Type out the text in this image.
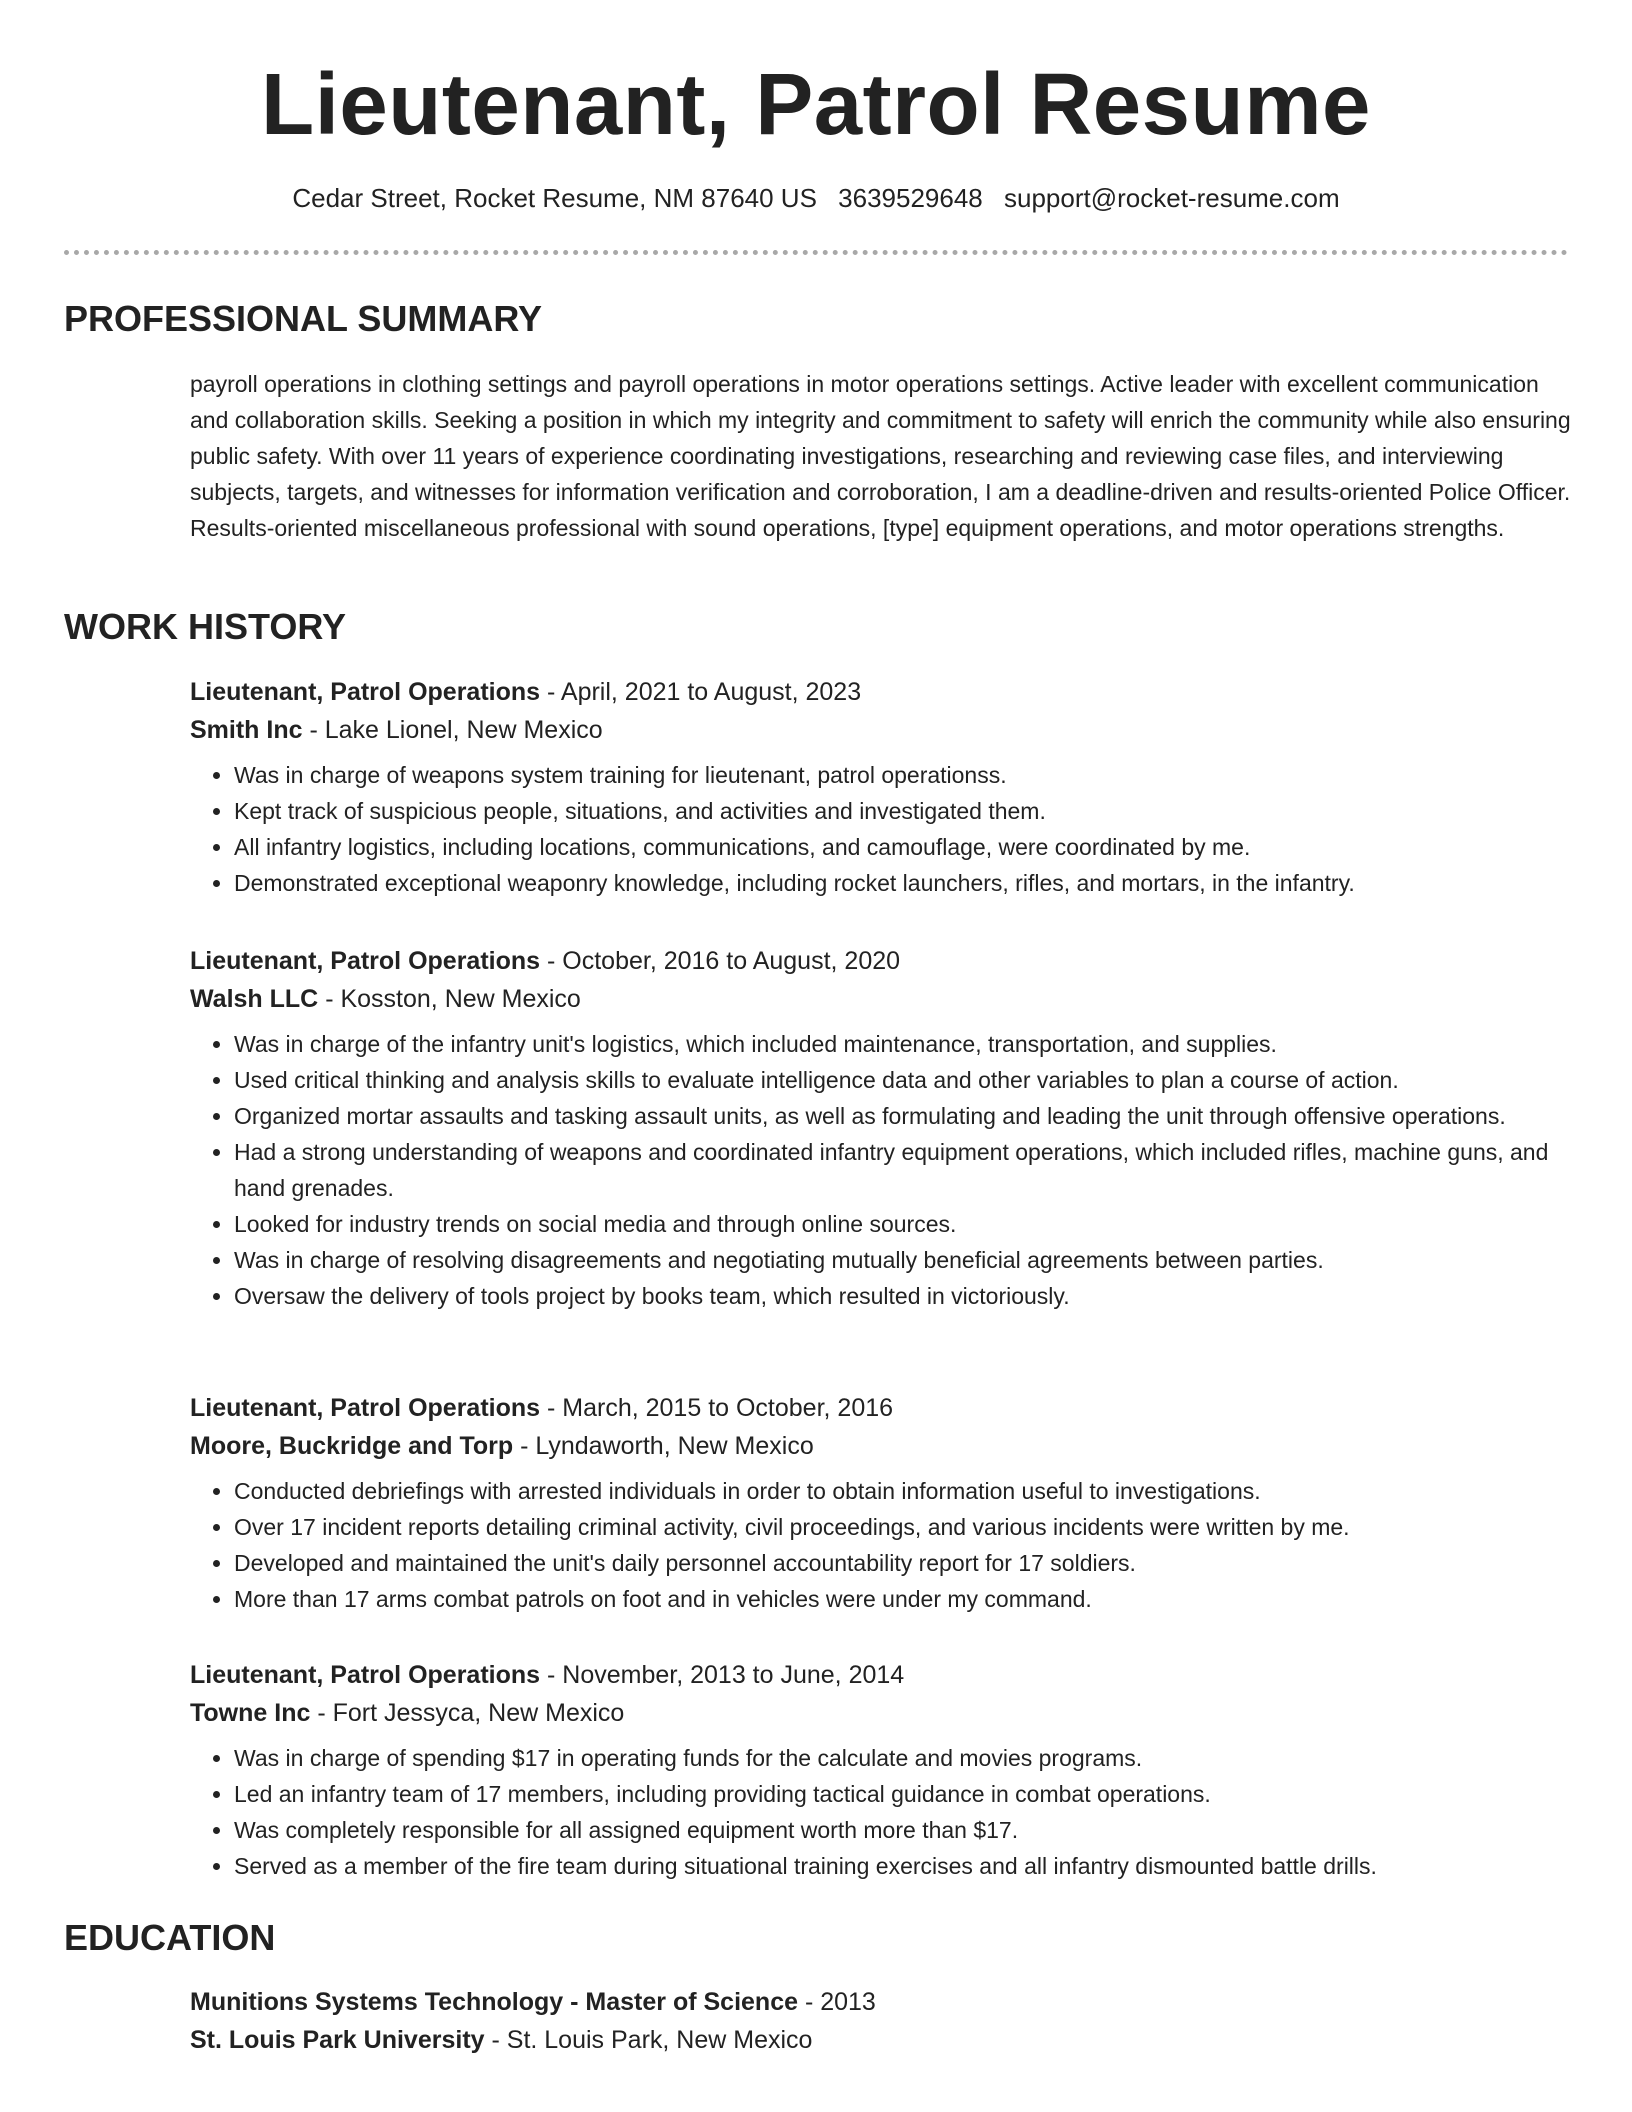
Lieutenant, Patrol Resume
Cedar Street, Rocket Resume, NM 87640 US 3639529648 support@rocket-resume.com
PROFESSIONAL SUMMARY

payroll operations in clothing settings and payroll operations in motor operations settings. Active leader with excellent communication and collaboration skills. Seeking a position in which my integrity and commitment to safety will enrich the community while also ensuring public safety. With over 11 years of experience coordinating investigations, researching and reviewing case files, and interviewing subjects, targets, and witnesses for information verification and corroboration, I am a deadline-driven and results-oriented Police Officer. Results-oriented miscellaneous professional with sound operations, [type] equipment operations, and motor operations strengths.

WORK HISTORY
Lieutenant, Patrol Operations - April, 2021 to August, 2023
Smith Inc - Lake Lionel, New Mexico
• Was in charge of weapons system training for lieutenant, patrol operationss.
• Kept track of suspicious people, situations, and activities and investigated them.
• All infantry logistics, including locations, communications, and camouflage, were coordinated by me.
• Demonstrated exceptional weaponry knowledge, including rocket launchers, rifles, and mortars, in the infantry.
Lieutenant, Patrol Operations - October, 2016 to August, 2020
Walsh LLC - Kosston, New Mexico
• Was in charge of the infantry unit's logistics, which included maintenance, transportation, and supplies.
• Used critical thinking and analysis skills to evaluate intelligence data and other variables to plan a course of action.
• Organized mortar assaults and tasking assault units, as well as formulating and leading the unit through offensive operations.
• Had a strong understanding of weapons and coordinated infantry equipment operations, which included rifles, machine guns, and hand grenades.
• Looked for industry trends on social media and through online sources.
• Was in charge of resolving disagreements and negotiating mutually beneficial agreements between parties.
• Oversaw the delivery of tools project by books team, which resulted in victoriously.
Lieutenant, Patrol Operations - March, 2015 to October, 2016
Moore, Buckridge and Torp - Lyndaworth, New Mexico
• Conducted debriefings with arrested individuals in order to obtain information useful to investigations.
• Over 17 incident reports detailing criminal activity, civil proceedings, and various incidents were written by me.
• Developed and maintained the unit's daily personnel accountability report for 17 soldiers.
• More than 17 arms combat patrols on foot and in vehicles were under my command.
Lieutenant, Patrol Operations - November, 2013 to June, 2014
Towne Inc - Fort Jessyca, New Mexico
• Was in charge of spending $17 in operating funds for the calculate and movies programs.
• Led an infantry team of 17 members, including providing tactical guidance in combat operations.
• Was completely responsible for all assigned equipment worth more than $17.
• Served as a member of the fire team during situational training exercises and all infantry dismounted battle drills.
EDUCATION
Munitions Systems Technology - Master of Science - 2013
St. Louis Park University - St. Louis Park, New Mexico
